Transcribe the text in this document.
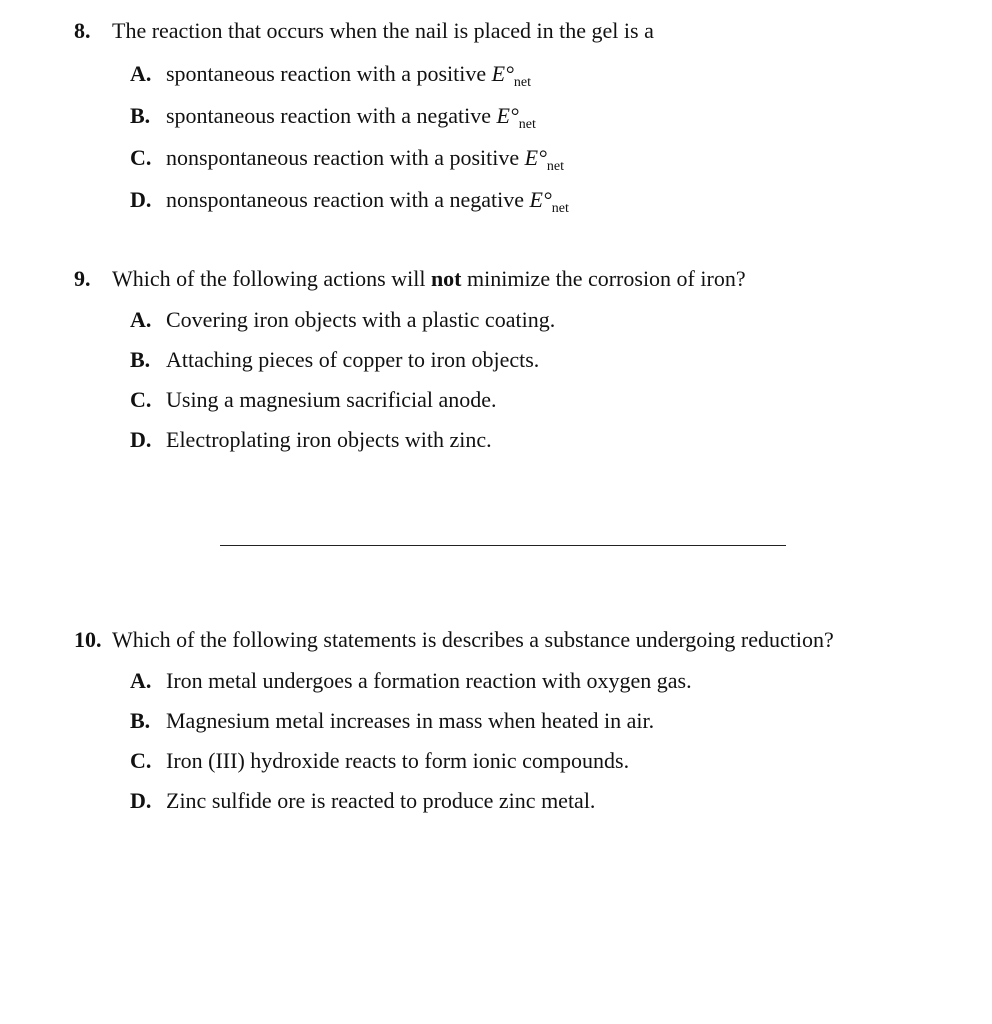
8. The reaction that occurs when the nail is placed in the gel is a
A. spontaneous reaction with a positive $E^\circ_{net}$
B. spontaneous reaction with a negative $E^\circ_{net}$
C. nonspontaneous reaction with a positive $E^\circ_{net}$
D. nonspontaneous reaction with a negative $E^\circ_{net}$
9. Which of the following actions will not minimize the corrosion of iron?
A. Covering iron objects with a plastic coating.
B. Attaching pieces of copper to iron objects.
C. Using a magnesium sacrificial anode.
D. Electroplating iron objects with zinc.
10. Which of the following statements is describes a substance undergoing reduction?
A. Iron metal undergoes a formation reaction with oxygen gas.
B. Magnesium metal increases in mass when heated in air.
C. Iron (III) hydroxide reacts to form ionic compounds.
D. Zinc sulfide ore is reacted to produce zinc metal.
